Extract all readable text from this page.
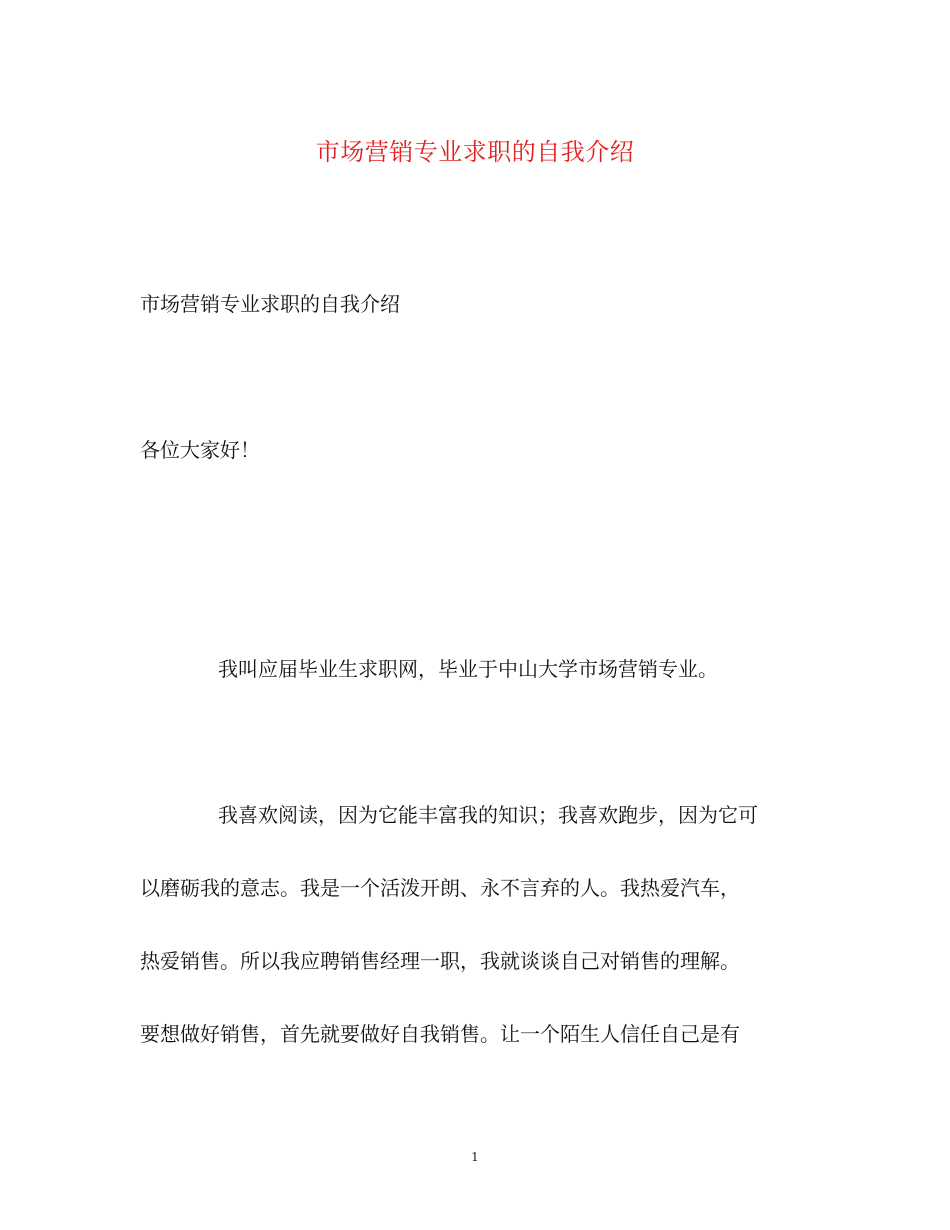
市场营销专业求职的自我介绍
市场营销专业求职的自我介绍
各位大家好！
我叫应届毕业生求职网，毕业于中山大学市场营销专业。
我喜欢阅读，因为它能丰富我的知识；我喜欢跑步，因为它可
以磨砺我的意志。我是一个活泼开朗、永不言弃的人。我热爱汽车，
热爱销售。所以我应聘销售经理一职，我就谈谈自己对销售的理解。
要想做好销售，首先就要做好自我销售。让一个陌生人信任自己是有
1
